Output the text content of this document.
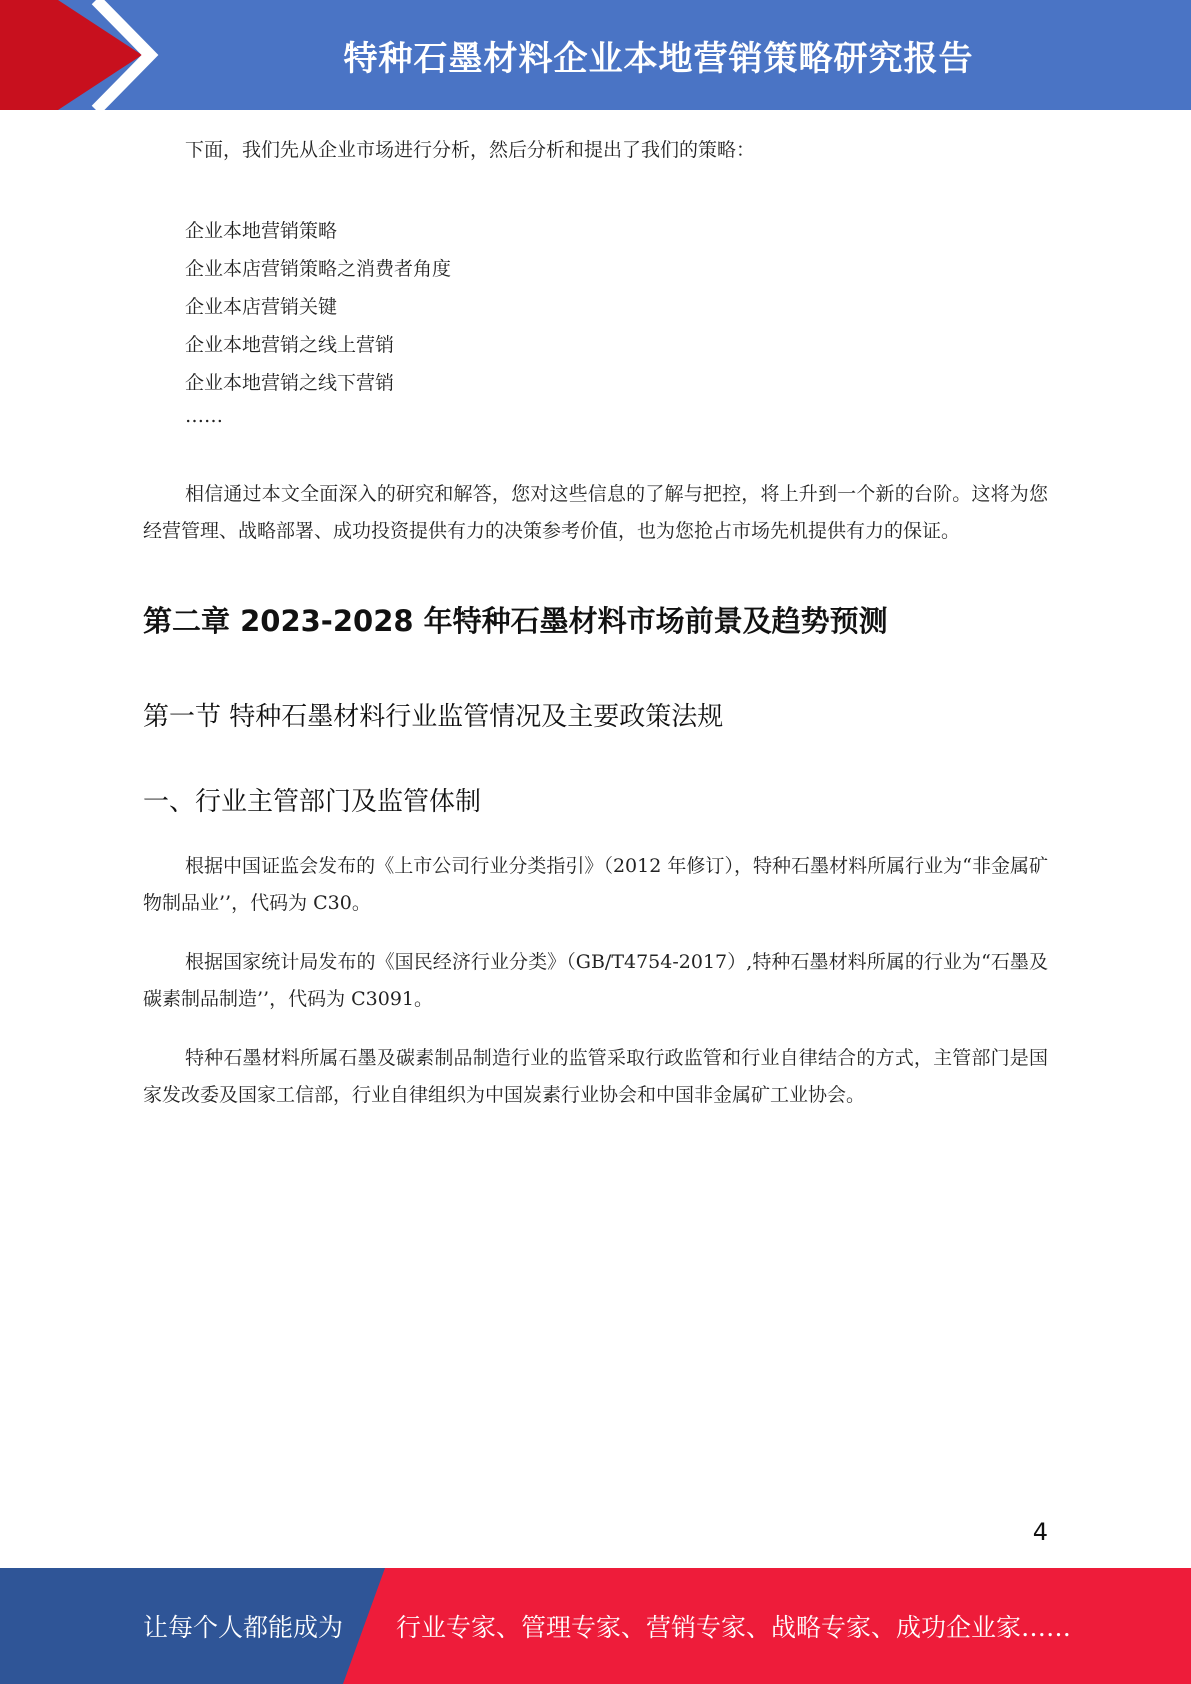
特种石墨材料企业本地营销策略研究报告

下面，我们先从企业市场进行分析，然后分析和提出了我们的策略：

企业本地营销策略
企业本店营销策略之消费者角度
企业本店营销关键
企业本地营销之线上营销
企业本地营销之线下营销
……

相信通过本文全面深入的研究和解答，您对这些信息的了解与把控，将上升到一个新的台阶。这将为您经营管理、战略部署、成功投资提供有力的决策参考价值，也为您抢占市场先机提供有力的保证。

第二章 2023-2028 年特种石墨材料市场前景及趋势预测
第一节 特种石墨材料行业监管情况及主要政策法规
一、行业主管部门及监管体制

根据中国证监会发布的《上市公司行业分类指引》（2012 年修订），特种石墨材料所属行业为“非金属矿物制品业’’，代码为 C30。

根据国家统计局发布的《国民经济行业分类》（GB/T4754-2017）,特种石墨材料所属的行业为“石墨及碳素制品制造’’，代码为 C3091。

特种石墨材料所属石墨及碳素制品制造行业的监管采取行政监管和行业自律结合的方式，主管部门是国家发改委及国家工信部，行业自律组织为中国炭素行业协会和中国非金属矿工业协会。

4
让每个人都能成为 行业专家、管理专家、营销专家、战略专家、成功企业家……
